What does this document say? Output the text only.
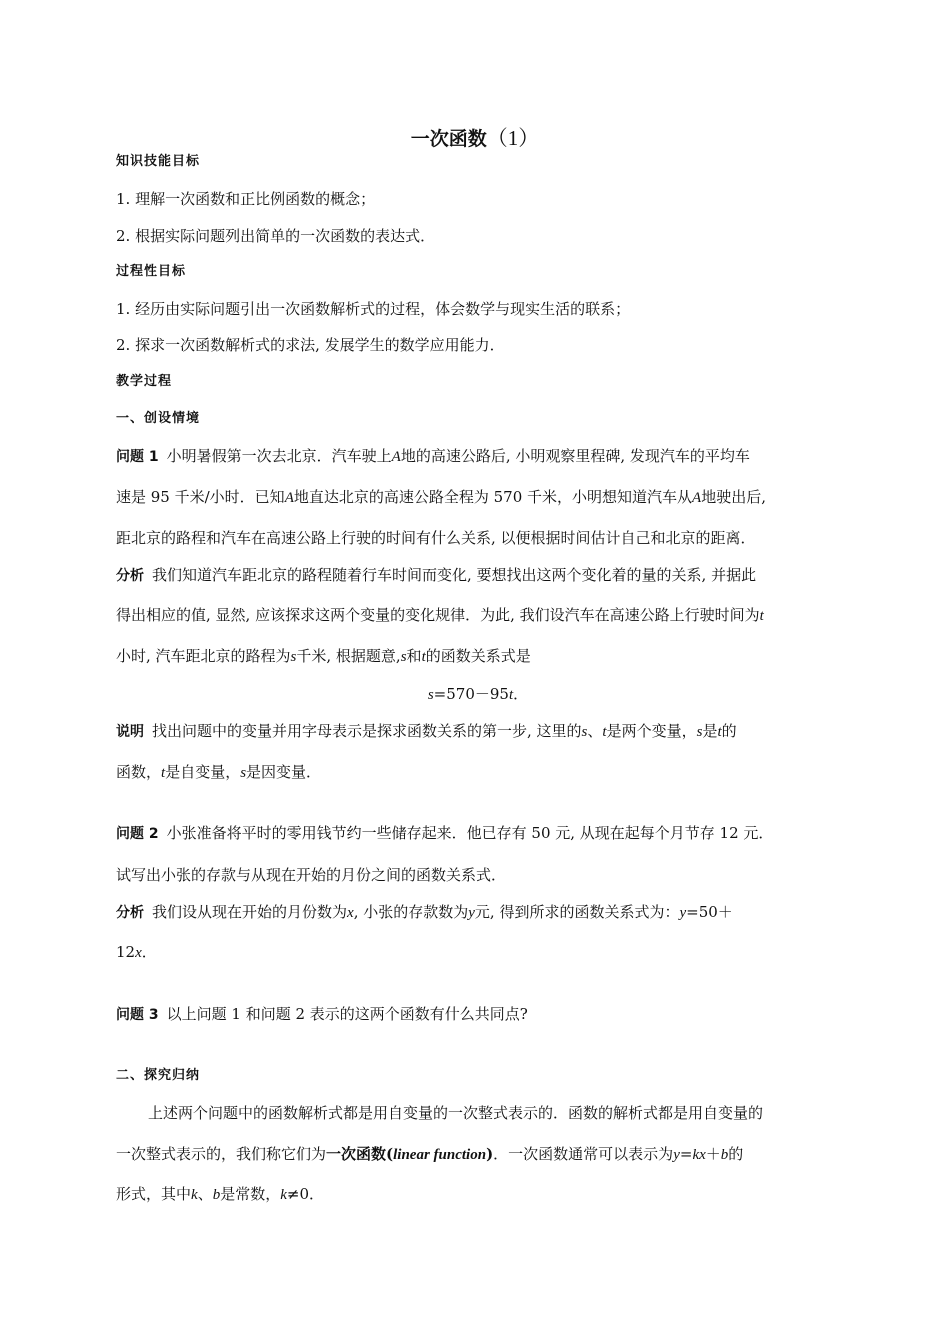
一次函数（1）
知识技能目标
1. 理解一次函数和正比例函数的概念；
2. 根据实际问题列出简单的一次函数的表达式．
过程性目标
1. 经历由实际问题引出一次函数解析式的过程，体会数学与现实生活的联系；
2. 探求一次函数解析式的求法, 发展学生的数学应用能力．
教学过程
一、创设情境
问题 1 小明暑假第一次去北京．汽车驶上A地的高速公路后, 小明观察里程碑, 发现汽车的平均车
速是 95 千米/小时．已知A地直达北京的高速公路全程为 570 千米，小明想知道汽车从A地驶出后,
距北京的路程和汽车在高速公路上行驶的时间有什么关系, 以便根据时间估计自己和北京的距离．
分析 我们知道汽车距北京的路程随着行车时间而变化, 要想找出这两个变化着的量的关系, 并据此
得出相应的值, 显然, 应该探求这两个变量的变化规律．为此, 我们设汽车在高速公路上行驶时间为t
小时, 汽车距北京的路程为s千米, 根据题意,s和t的函数关系式是
s=570－95t．
说明 找出问题中的变量并用字母表示是探求函数关系的第一步, 这里的s、t是两个变量，s是t的
函数，t是自变量，s是因变量．
问题 2 小张准备将平时的零用钱节约一些储存起来．他已存有 50 元, 从现在起每个月节存 12 元．
试写出小张的存款与从现在开始的月份之间的函数关系式．
分析 我们设从现在开始的月份数为x, 小张的存款数为y元, 得到所求的函数关系式为：y=50＋
12x．
问题 3 以上问题 1 和问题 2 表示的这两个函数有什么共同点?
二、探究归纳
上述两个问题中的函数解析式都是用自变量的一次整式表示的．函数的解析式都是用自变量的
一次整式表示的，我们称它们为一次函数(linear function)．一次函数通常可以表示为y=kx＋b的
形式，其中k、b是常数，k≠0．
